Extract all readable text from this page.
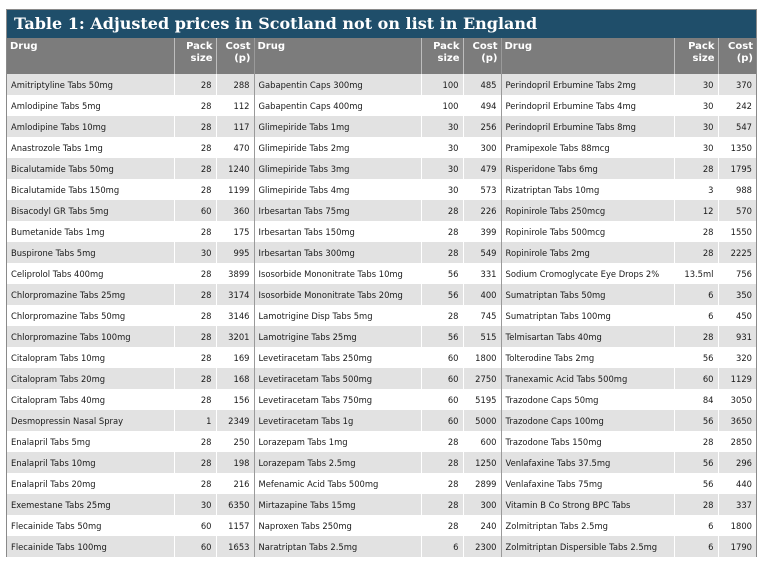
Table 1: Adjusted prices in Scotland not on list in England
Drug	Pack size	Cost (p)	Drug	Pack size	Cost (p)	Drug	Pack size	Cost (p)
Amitriptyline Tabs 50mg	28	288	Gabapentin Caps 300mg	100	485	Perindopril Erbumine Tabs 2mg	30	370
Amlodipine Tabs 5mg	28	112	Gabapentin Caps 400mg	100	494	Perindopril Erbumine Tabs 4mg	30	242
Amlodipine Tabs 10mg	28	117	Glimepiride Tabs 1mg	30	256	Perindopril Erbumine Tabs 8mg	30	547
Anastrozole Tabs 1mg	28	470	Glimepiride Tabs 2mg	30	300	Pramipexole Tabs 88mcg	30	1350
Bicalutamide Tabs 50mg	28	1240	Glimepiride Tabs 3mg	30	479	Risperidone Tabs 6mg	28	1795
Bicalutamide Tabs 150mg	28	1199	Glimepiride Tabs 4mg	30	573	Rizatriptan Tabs 10mg	3	988
Bisacodyl GR Tabs 5mg	60	360	Irbesartan Tabs 75mg	28	226	Ropinirole Tabs 250mcg	12	570
Bumetanide Tabs 1mg	28	175	Irbesartan Tabs 150mg	28	399	Ropinirole Tabs 500mcg	28	1550
Buspirone Tabs 5mg	30	995	Irbesartan Tabs 300mg	28	549	Ropinirole Tabs 2mg	28	2225
Celiprolol Tabs 400mg	28	3899	Isosorbide Mononitrate Tabs 10mg	56	331	Sodium Cromoglycate Eye Drops 2%	13.5ml	756
Chlorpromazine Tabs 25mg	28	3174	Isosorbide Mononitrate Tabs 20mg	56	400	Sumatriptan Tabs 50mg	6	350
Chlorpromazine Tabs 50mg	28	3146	Lamotrigine Disp Tabs 5mg	28	745	Sumatriptan Tabs 100mg	6	450
Chlorpromazine Tabs 100mg	28	3201	Lamotrigine Tabs 25mg	56	515	Telmisartan Tabs 40mg	28	931
Citalopram Tabs 10mg	28	169	Levetiracetam Tabs 250mg	60	1800	Tolterodine Tabs 2mg	56	320
Citalopram Tabs 20mg	28	168	Levetiracetam Tabs 500mg	60	2750	Tranexamic Acid Tabs 500mg	60	1129
Citalopram Tabs 40mg	28	156	Levetiracetam Tabs 750mg	60	5195	Trazodone Caps 50mg	84	3050
Desmopressin Nasal Spray	1	2349	Levetiracetam Tabs 1g	60	5000	Trazodone Caps 100mg	56	3650
Enalapril Tabs 5mg	28	250	Lorazepam Tabs 1mg	28	600	Trazodone Tabs 150mg	28	2850
Enalapril Tabs 10mg	28	198	Lorazepam Tabs 2.5mg	28	1250	Venlafaxine Tabs 37.5mg	56	296
Enalapril Tabs 20mg	28	216	Mefenamic Acid Tabs 500mg	28	2899	Venlafaxine Tabs 75mg	56	440
Exemestane Tabs 25mg	30	6350	Mirtazapine Tabs 15mg	28	300	Vitamin B Co Strong BPC Tabs	28	337
Flecainide Tabs 50mg	60	1157	Naproxen Tabs 250mg	28	240	Zolmitriptan Tabs 2.5mg	6	1800
Flecainide Tabs 100mg	60	1653	Naratriptan Tabs 2.5mg	6	2300	Zolmitriptan Dispersible Tabs 2.5mg	6	1790
